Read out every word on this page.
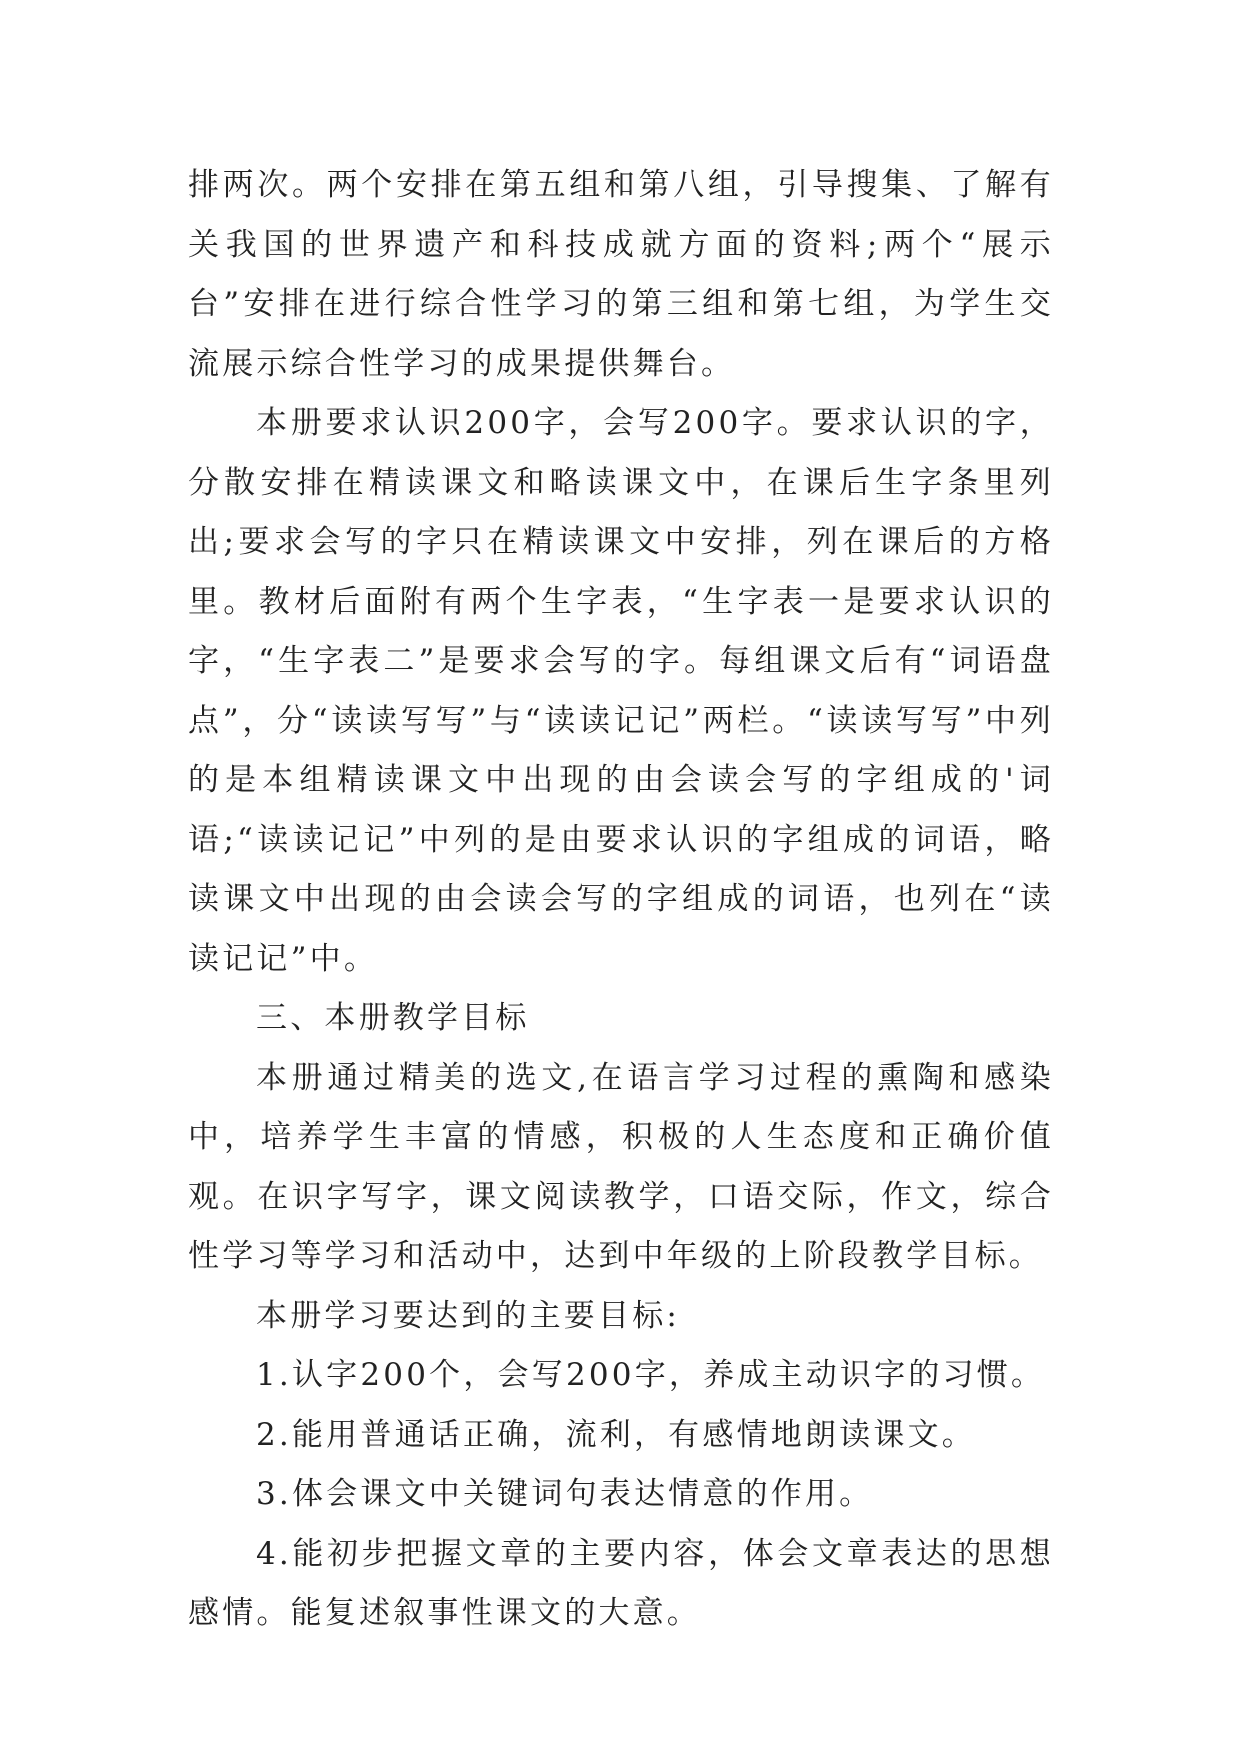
排两次。两个安排在第五组和第八组，引导搜集、了解有关我国的世界遗产和科技成就方面的资料;两个“展示台”安排在进行综合性学习的第三组和第七组，为学生交流展示综合性学习的成果提供舞台。

本册要求认识200字，会写200字。要求认识的字，分散安排在精读课文和略读课文中，在课后生字条里列出;要求会写的字只在精读课文中安排，列在课后的方格里。教材后面附有两个生字表，“生字表一是要求认识的字，“生字表二”是要求会写的字。每组课文后有“词语盘点”，分“读读写写”与“读读记记”两栏。“读读写写”中列的是本组精读课文中出现的由会读会写的字组成的'词语;“读读记记”中列的是由要求认识的字组成的词语，略读课文中出现的由会读会写的字组成的词语，也列在“读读记记”中。

三、本册教学目标

本册通过精美的选文,在语言学习过程的熏陶和感染中，培养学生丰富的情感，积极的人生态度和正确价值观。在识字写字，课文阅读教学，口语交际，作文，综合性学习等学习和活动中，达到中年级的上阶段教学目标。

本册学习要达到的主要目标:

1.认字200个，会写200字，养成主动识字的习惯。

2.能用普通话正确，流利，有感情地朗读课文。

3.体会课文中关键词句表达情意的作用。

4.能初步把握文章的主要内容，体会文章表达的思想感情。能复述叙事性课文的大意。
